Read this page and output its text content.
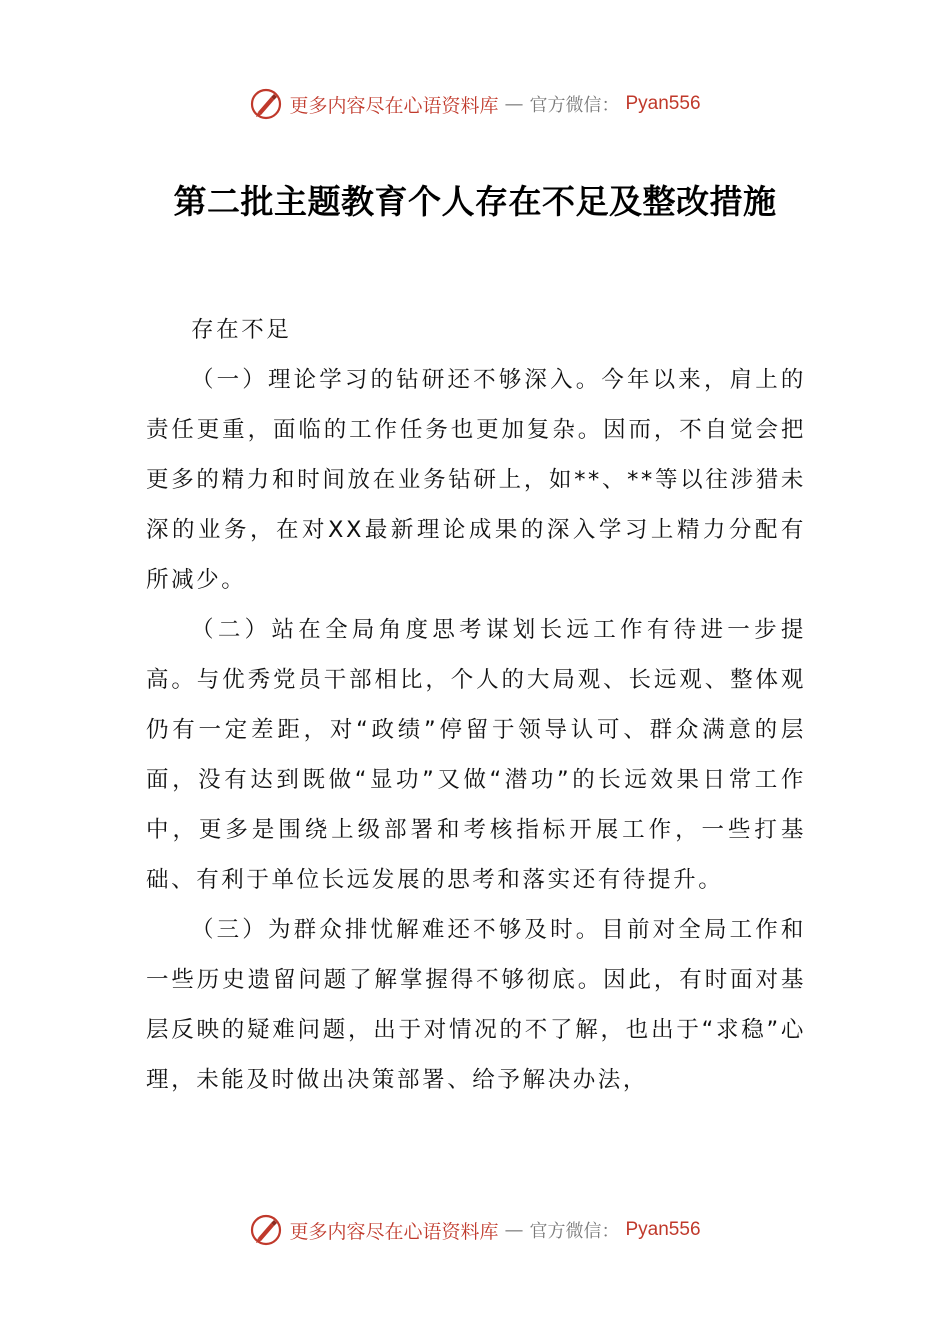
更多内容尽在心语资料库 — 官方微信： Pyan556
第二批主题教育个人存在不足及整改措施

存在不足

（一）理论学习的钻研还不够深入。今年以来，肩上的责任更重，面临的工作任务也更加复杂。因而，不自觉会把更多的精力和时间放在业务钻研上，如**、**等以往涉猎未深的业务，在对XX最新理论成果的深入学习上精力分配有所减少。

（二）站在全局角度思考谋划长远工作有待进一步提高。与优秀党员干部相比，个人的大局观、长远观、整体观仍有一定差距，对“政绩”停留于领导认可、群众满意的层面，没有达到既做“显功”又做“潜功”的长远效果日常工作中，更多是围绕上级部署和考核指标开展工作，一些打基础、有利于单位长远发展的思考和落实还有待提升。

（三）为群众排忧解难还不够及时。目前对全局工作和一些历史遗留问题了解掌握得不够彻底。因此，有时面对基层反映的疑难问题，出于对情况的不了解，也出于“求稳”心理，未能及时做出决策部署、给予解决办法，

更多内容尽在心语资料库 — 官方微信： Pyan556
